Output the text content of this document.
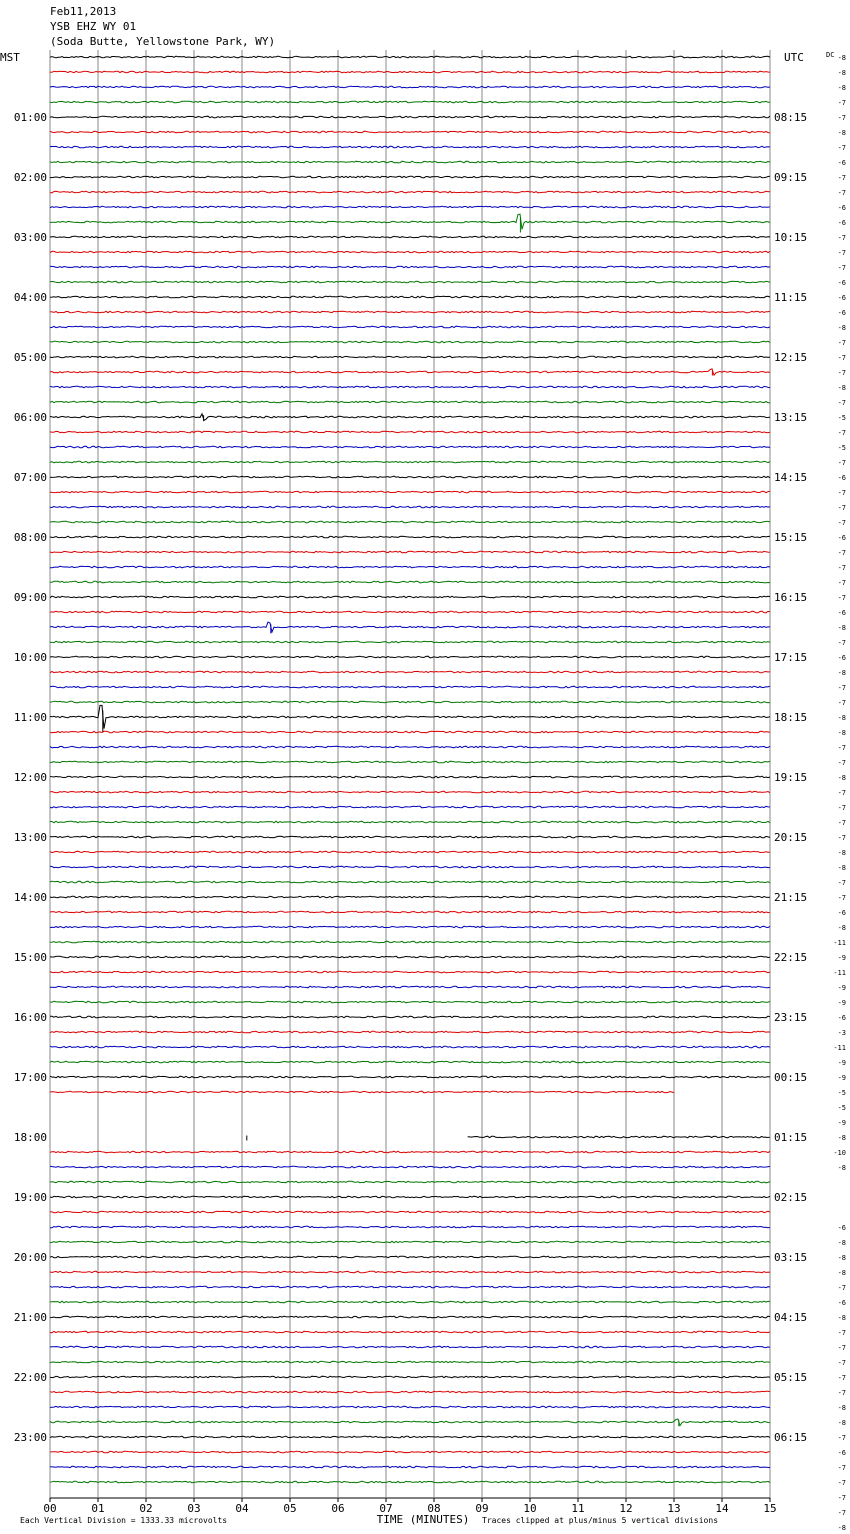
Feb11,2013
YSB EHZ WY 01
(Soda Butte, Yellowstone Park, WY)
MST	UTC	DC
01:00
02:00
03:00
04:00
05:00
06:00
07:00
08:00
09:00
10:00
11:00
12:00
13:00
14:00
15:00
16:00
17:00
18:00
19:00
20:00
21:00
22:00
23:00
08:15
09:15
10:15
11:15
12:15
13:15
14:15
15:15
16:15
17:15
18:15
19:15
20:15
21:15
22:15
23:15
00:15
01:15
02:15
03:15
04:15
05:15
06:15
-8
-8
-8
-7
-7
-8
-7
-6
-7
-7
-6
-6
-7
-7
-7
-6
-6
-6
-8
-7
-7
-7
-8
-7
-5
-7
-5
-7
-6
-7
-7
-7
-6
-7
-7
-7
-7
-6
-8
-7
-6
-8
-7
-7
-8
-8
-7
-7
-8
-7
-7
-7
-7
-8
-8
-7
-7
-6
-8
-11
-9
-11
-9
-9
-6
-3
-11
-9
-9
-5
-5
-9
-8
-10
-8
-6
-8
-8
-8
-7
-6
-8
-7
-7
-7
-7
-7
-8
-8
-7
-6
-7
-7
-7
-7
-8
00	01	02	03	04	05	06	07	08	09	10	11	12	13	14	15
TIME (MINUTES)
Each Vertical Division = 1333.33 microvolts	Traces clipped at plus/minus 5 vertical divisions
